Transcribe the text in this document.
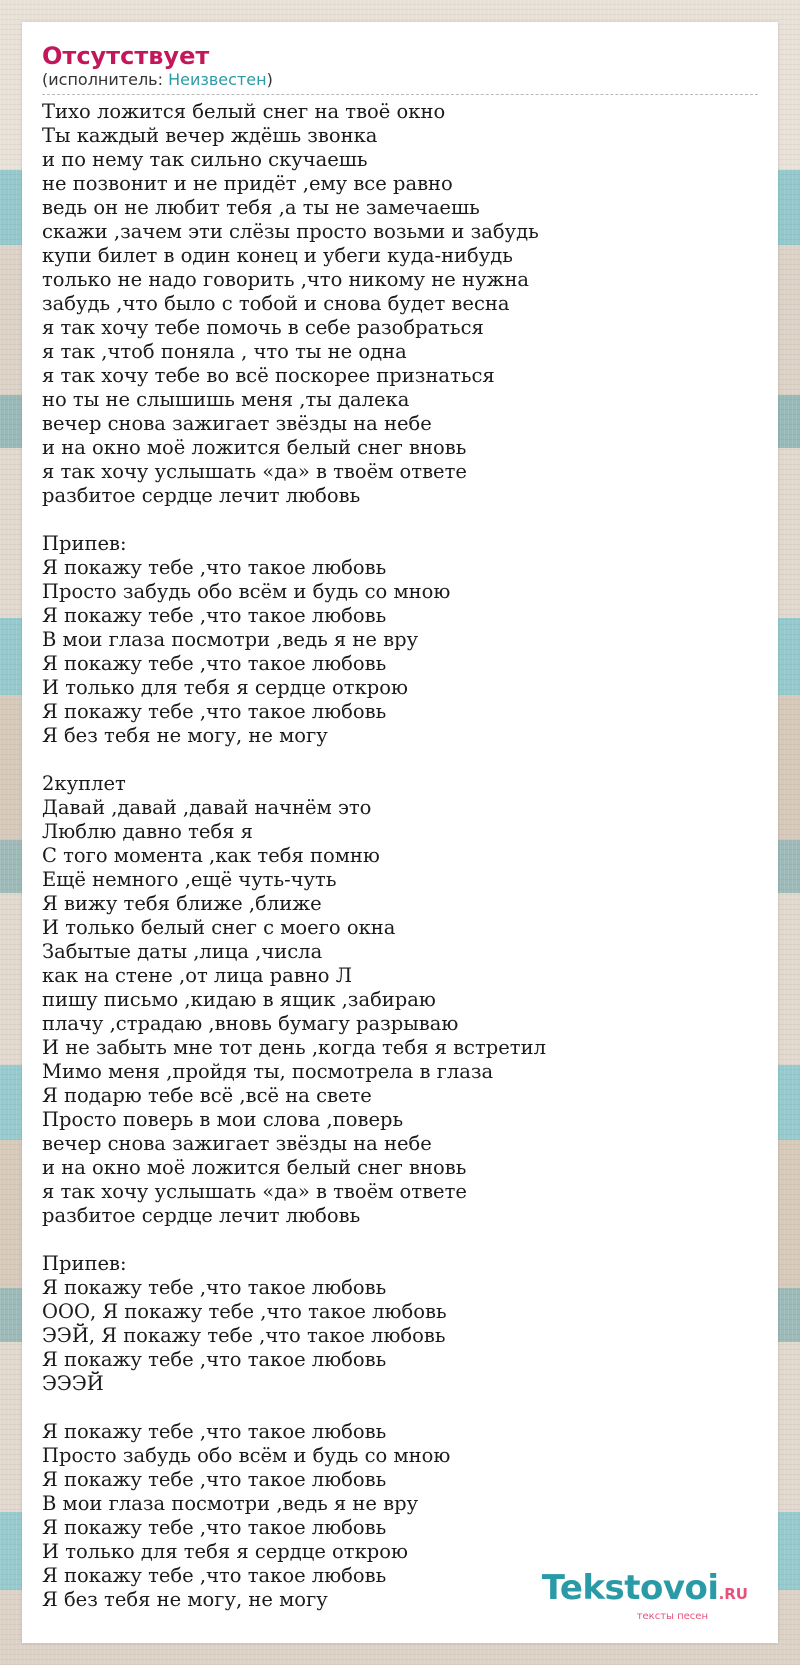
Отсутствует
(исполнитель: Неизвестен)
Тихо ложится белый снег на твоё окно
Ты каждый вечер ждёшь звонка
и по нему так сильно скучаешь
не позвонит и не придёт ,ему все равно
ведь он не любит тебя ,а ты не замечаешь
скажи ,зачем эти слёзы просто возьми и забудь
купи билет в один конец и убеги куда-нибудь
только не надо говорить ,что никому не нужна
забудь ,что было с тобой и снова будет весна
я так хочу тебе помочь в себе разобраться
я так ,чтоб поняла , что ты не одна
я так хочу тебе во всё поскорее признаться
но ты не слышишь меня ,ты далека
вечер снова зажигает звёзды на небе
и на окно моё ложится белый снег вновь
я так хочу услышать «да» в твоём ответе
разбитое сердце лечит любовь
Припев:
Я покажу тебе ,что такое любовь
Просто забудь обо всём и будь со мною
Я покажу тебе ,что такое любовь
В мои глаза посмотри ,ведь я не вру
Я покажу тебе ,что такое любовь
И только для тебя я сердце открою
Я покажу тебе ,что такое любовь
Я без тебя не могу, не могу
2куплет
Давай ,давай ,давай начнём это
Люблю давно тебя я
С того момента ,как тебя помню
Ещё немного ,ещё чуть-чуть
Я вижу тебя ближе ,ближе
И только белый снег с моего окна
Забытые даты ,лица ,числа
как на стене ,от лица равно Л
пишу письмо ,кидаю в ящик ,забираю
плачу ,страдаю ,вновь бумагу разрываю
И не забыть мне тот день ,когда тебя я встретил
Мимо меня ,пройдя ты, посмотрела в глаза
Я подарю тебе всё ,всё на свете
Просто поверь в мои слова ,поверь
вечер снова зажигает звёзды на небе
и на окно моё ложится белый снег вновь
я так хочу услышать «да» в твоём ответе
разбитое сердце лечит любовь
Припев:
Я покажу тебе ,что такое любовь
ООО, Я покажу тебе ,что такое любовь
ЭЭЙ, Я покажу тебе ,что такое любовь
Я покажу тебе ,что такое любовь
ЭЭЭЙ
Я покажу тебе ,что такое любовь
Просто забудь обо всём и будь со мною
Я покажу тебе ,что такое любовь
В мои глаза посмотри ,ведь я не вру
Я покажу тебе ,что такое любовь
И только для тебя я сердце открою
Я покажу тебе ,что такое любовь
Я без тебя не могу, не могу	Tekstovoi.RU
тексты песен
